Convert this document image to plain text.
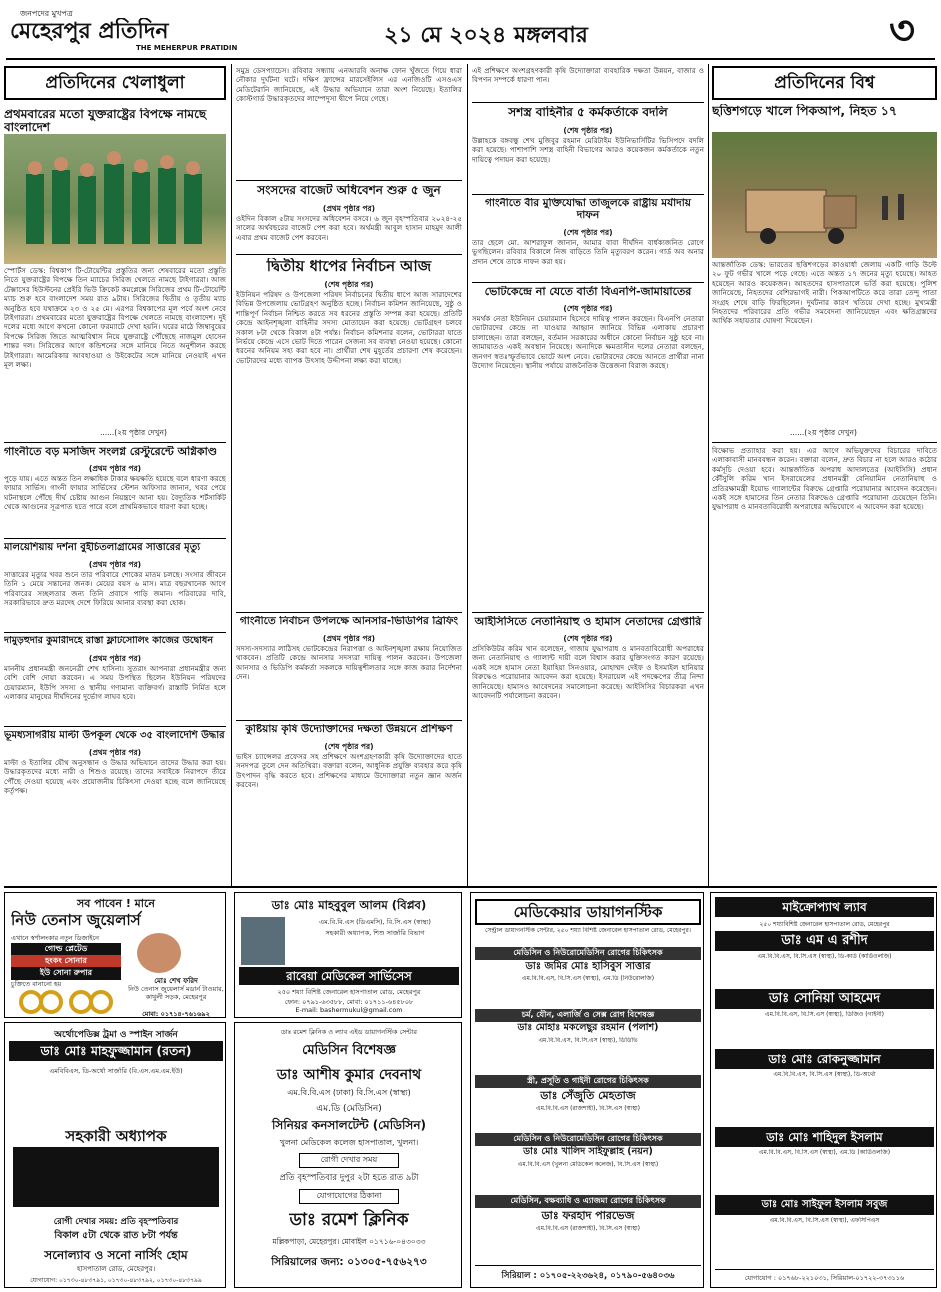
জনপদের মুখপত্র
মেহেরপুর প্রতিদিন
THE MEHERPUR PRATIDIN	২১ মে ২০২৪ মঙ্গলবার	৩
প্রতিদিনের খেলাধুলা
প্রথমবারের মতো যুক্তরাষ্ট্রের বিপক্ষে নামছে বাংলাদেশ
স্পোর্টস ডেস্ক: বিশ্বকাপ টি-টোয়েন্টির প্রস্তুতির জন্য শেষবারের মতো প্রস্তুতি নিতে যুক্তরাষ্ট্রের বিপক্ষে তিন ম্যাচের সিরিজ খেলতে নামছে টাইগাররা। আজ টেক্সাসের হিউস্টনের প্রেইরি ভিউ ক্রিকেট কমপ্লেক্সে সিরিজের প্রথম টি-টোয়েন্টি ম্যাচ শুরু হবে বাংলাদেশ সময় রাত ৯টায়। সিরিজের দ্বিতীয় ও তৃতীয় ম্যাচ অনুষ্ঠিত হবে যথাক্রমে ২৩ ও ২৫ মে। এরপর বিশ্বকাপের মূল পর্বে অংশ নেবে টাইগাররা। প্রথমবারের মতো যুক্তরাষ্ট্রের বিপক্ষে খেলতে নামছে বাংলাদেশ। দুই দলের মধ্যে আগে কখনো কোনো ফরম্যাটে দেখা হয়নি। ঘরের মাঠে জিম্বাবুয়ের বিপক্ষে সিরিজ জিতে আত্মবিশ্বাস নিয়ে যুক্তরাষ্ট্রে পৌঁছেছে নাজমুল হোসেন শান্তর দল। সিরিজের আগে কন্ডিশনের সঙ্গে মানিয়ে নিতে অনুশীলন করছে টাইগাররা। আমেরিকার আবহাওয়া ও উইকেটের সঙ্গে মানিয়ে নেওয়াই এখন মূল লক্ষ্য।
......(২য় পৃষ্ঠার দেখুন)
গাংনীতে বড় মসজিদ সংলগ্ন রেস্টুরেন্টে অগ্নিকাণ্ড
(প্রথম পৃষ্ঠার পর)
পুড়ে যায়। এতে অন্তত তিন লক্ষাধিক টাকার ক্ষয়ক্ষতি হয়েছে বলে ধারণা করছে ফায়ার সার্ভিস। গাংনী ফায়ার সার্ভিসের স্টেশন অফিসার জানান, খবর পেয়ে ঘটনাস্থলে পৌঁছে দীর্ঘ চেষ্টায় আগুন নিয়ন্ত্রণে আনা হয়। বৈদ্যুতিক শর্টসার্কিট থেকে আগুনের সূত্রপাত হতে পারে বলে প্রাথমিকভাবে ধারণা করা হচ্ছে।
মালয়েশিয়ায় দর্শনা বুইচিতলাগ্রামের সাত্তারের মৃত্যু
(প্রথম পৃষ্ঠার পর)
সাত্তারের মৃত্যুর খবর শুনে তার পরিবারে শোকের মাতম চলছে। সংসার জীবনে তিনি ১ মেয়ে সন্তানের জনক। মেয়ের বয়স ৬ মাস। মাত্র বছরখানেক আগে পরিবারের সচ্ছলতার জন্য তিনি প্রবাসে পাড়ি জমান। পরিবারের দাবি, সরকারিভাবে দ্রুত মরদেহ দেশে ফিরিয়ে আনার ব্যবস্থা করা হোক।
দামুড়হুদার কুমারীদহে রাস্তা ফ্লাটসোলিং কাজের উদ্বোধন
(প্রথম পৃষ্ঠার পর)
মাননীয় প্রধানমন্ত্রী জননেত্রী শেখ হাসিনা। সুতরাং আপনারা প্রধানমন্ত্রীর জন্য বেশি বেশি দোয়া করবেন। এ সময় উপস্থিত ছিলেন ইউনিয়ন পরিষদের চেয়ারম্যান, ইউপি সদস্য ও স্থানীয় গণ্যমান্য ব্যক্তিবর্গ। রাস্তাটি নির্মিত হলে এলাকার মানুষের দীর্ঘদিনের দুর্ভোগ লাঘব হবে।
ভূমধ্যসাগরীয় মাল্টা উপকূল থেকে ৩৫ বাংলাদেশি উদ্ধার
(প্রথম পৃষ্ঠার পর)
মাল্টা ও ইতালির যৌথ অনুসন্ধান ও উদ্ধার অভিযানে তাদের উদ্ধার করা হয়। উদ্ধারকৃতদের মধ্যে নারী ও শিশুও রয়েছে। তাদের সবাইকে নিরাপদে তীরে পৌঁছে দেওয়া হয়েছে এবং প্রয়োজনীয় চিকিৎসা দেওয়া হচ্ছে বলে জানিয়েছে কর্তৃপক্ষ।
সমুদ্র ডেসপ্যাচেস। রবিবার সন্ধ্যায় এনআরবি অনাক্ষ ফোন খুঁজতে গিয়ে ধারা নৌকার দুর্ঘটনা ঘটে। দক্ষিণ ফ্রান্সের মারসেইলিস এর এনজিওটি এসওএস মেডিটেরানি জানিয়েছে, এই উদ্ধার অভিযানে তারা অংশ নিয়েছে। ইতালির কোস্টগার্ড উদ্ধারকৃতদের লাম্পেদুসা দ্বীপে নিয়ে গেছে।
সংসদের বাজেট অধিবেশন শুরু ৫ জুন
(প্রথম পৃষ্ঠার পর)
ওইদিন বিকাল ৫টায় সংসদের অধিবেশন বসবে। ৬ জুন বৃহস্পতিবার ২০২৪-২৫ সালের অর্থবছরের বাজেট পেশ করা হবে। অর্থমন্ত্রী আবুল হাসান মাহমুদ আলী এবার প্রথম বাজেট পেশ করবেন।
দ্বিতীয় ধাপের নির্বাচন আজ
(শেষ পৃষ্ঠার পর)
ইউনিয়ন পরিষদ ও উপজেলা পরিষদ নির্বাচনের দ্বিতীয় ধাপে আজ সারাদেশের বিভিন্ন উপজেলায় ভোটগ্রহণ অনুষ্ঠিত হচ্ছে। নির্বাচন কমিশন জানিয়েছে, সুষ্ঠু ও শান্তিপূর্ণ নির্বাচন নিশ্চিত করতে সব ধরনের প্রস্তুতি সম্পন্ন করা হয়েছে। প্রতিটি কেন্দ্রে আইনশৃঙ্খলা বাহিনীর সদস্য মোতায়েন করা হয়েছে। ভোটগ্রহণ চলবে সকাল ৮টা থেকে বিকাল ৪টা পর্যন্ত। নির্বাচন কমিশনার বলেন, ভোটাররা যাতে নির্ভয়ে কেন্দ্রে এসে ভোট দিতে পারেন সেজন্য সব ব্যবস্থা নেওয়া হয়েছে। কোনো ধরনের অনিয়ম সহ্য করা হবে না। প্রার্থীরা শেষ মুহূর্তের প্রচারণা শেষ করেছেন। ভোটারদের মধ্যে ব্যাপক উৎসাহ উদ্দীপনা লক্ষ্য করা যাচ্ছে।
গাংনীতে নির্বাচন উপলক্ষে আনসার-ভিডিপির ব্রিফিং
(প্রথম পৃষ্ঠার পর)
সদস্য-সদস্যার লাঠিসহ ভোটকেন্দ্রের নিরাপত্তা ও আইনশৃঙ্খলা রক্ষায় নিয়োজিত থাকবেন। প্রতিটি কেন্দ্রে আনসার সদস্যরা দায়িত্ব পালন করবেন। উপজেলা আনসার ও ভিডিপি কর্মকর্তা সকলকে দায়িত্বশীলতার সঙ্গে কাজ করার নির্দেশনা দেন।
কুষ্টিয়ায় কৃষি উদ্যোক্তাদের দক্ষতা উন্নয়নে প্রশিক্ষণ
(শেষ পৃষ্ঠার পর)
ভাইস চ্যান্সেলর প্রফেসর সহ প্রশিক্ষণে অংশগ্রহণকারী কৃষি উদ্যোক্তাদের হাতে সনদপত্র তুলে দেন অতিথিরা। বক্তারা বলেন, আধুনিক প্রযুক্তি ব্যবহার করে কৃষি উৎপাদন বৃদ্ধি করতে হবে। প্রশিক্ষণের মাধ্যমে উদ্যোক্তারা নতুন জ্ঞান অর্জন করবেন।
এই প্রশিক্ষণে অংশগ্রহণকারী কৃষি উদ্যোক্তারা ব্যবহারিক দক্ষতা উন্নয়ন, বাজার ও বিপণন সম্পর্কে ধারণা পান।
সশস্ত্র বাহিনীর ৫ কর্মকর্তাকে বদলি
(শেষ পৃষ্ঠার পর)
উল্লাহকে বঙ্গবন্ধু শেখ মুজিবুর রহমান মেরিটাইম ইউনিভার্সিটির ভিসিপদে বদলি করা হয়েছে। পাশাপাশি সশস্ত্র বাহিনী বিভাগের আরও কয়েকজন কর্মকর্তাকে নতুন দায়িত্বে পদায়ন করা হয়েছে।
গাংনীতে বীর মুক্তিযোদ্ধা তাজুলকে রাষ্ট্রীয় মর্যাদায় দাফন
(শেষ পৃষ্ঠার পর)
তার ছেলে মো. আশরাফুল জানান, আমার বাবা দীর্ঘদিন বার্ধক্যজনিত রোগে ভুগছিলেন। রবিবার বিকালে নিজ বাড়িতে তিনি মৃত্যুবরণ করেন। গার্ড অব অনার প্রদান শেষে তাকে দাফন করা হয়।
ভোটকেন্দ্রে না যেতে বার্তা বিএনপি-জামায়াতের
(শেষ পৃষ্ঠার পর)
সমর্থক নেতা ইউনিয়ন চেয়ারম্যান হিসেবে দায়িত্ব পালন করছেন। বিএনপি নেতারা ভোটারদের কেন্দ্রে না যাওয়ার আহ্বান জানিয়ে বিভিন্ন এলাকায় প্রচারণা চালাচ্ছেন। তারা বলছেন, বর্তমান সরকারের অধীনে কোনো নির্বাচন সুষ্ঠু হবে না। জামায়াতও একই অবস্থান নিয়েছে। অন্যদিকে ক্ষমতাসীন দলের নেতারা বলছেন, জনগণ স্বতঃস্ফূর্তভাবে ভোটে অংশ নেবে। ভোটারদের কেন্দ্রে আনতে প্রার্থীরা নানা উদ্যোগ নিয়েছেন। স্থানীয় পর্যায়ে রাজনৈতিক উত্তেজনা বিরাজ করছে।
আইসিসিতে নেতানিয়াহু ও হামাস নেতাদের গ্রেপ্তারি
(শেষ পৃষ্ঠার পর)
প্রসিকিউটর করিম খান বলেছেন, গাজায় যুদ্ধাপরাধ ও মানবতাবিরোধী অপরাধের জন্য নেতানিয়াহু ও গ্যালান্ট দায়ী বলে বিশ্বাস করার যুক্তিসংগত কারণ রয়েছে। একই সঙ্গে হামাস নেতা ইয়াহিয়া সিনওয়ার, মোহাম্মদ দেইফ ও ইসমাইল হানিয়ার বিরুদ্ধেও পরোয়ানার আবেদন করা হয়েছে। ইসরায়েল এই পদক্ষেপের তীব্র নিন্দা জানিয়েছে। হামাসও আবেদনের সমালোচনা করেছে। আইসিসির বিচারকরা এখন আবেদনটি পর্যালোচনা করবেন।
প্রতিদিনের বিশ্ব
ছত্তিশগড়ে খালে পিকআপ, নিহত ১৭
আন্তর্জাতিক ডেস্ক: ভারতের ছত্তিশগড়ের কাওয়ার্ধা জেলায় একটি গাড়ি উল্টে ২০ ফুট গভীর খালে পড়ে গেছে। এতে অন্তত ১৭ জনের মৃত্যু হয়েছে। আহত হয়েছেন আরও কয়েকজন। আহতদের হাসপাতালে ভর্তি করা হয়েছে। পুলিশ জানিয়েছে, নিহতদের বেশিরভাগই নারী। পিকআপটিতে করে তারা তেন্দু পাতা সংগ্রহ শেষে বাড়ি ফিরছিলেন। দুর্ঘটনার কারণ খতিয়ে দেখা হচ্ছে। মুখ্যমন্ত্রী নিহতদের পরিবারের প্রতি গভীর সমবেদনা জানিয়েছেন এবং ক্ষতিগ্রস্তদের আর্থিক সহায়তার ঘোষণা দিয়েছেন।
......(২য় পৃষ্ঠার দেখুন)
বিক্ষোভ প্রত্যাহার করা হয়। এর আগে অভিযুক্তদের বিচারের দাবিতে এলাকাবাসী মানববন্ধন করেন। বক্তারা বলেন, দ্রুত বিচার না হলে আরও কঠোর কর্মসূচি দেওয়া হবে। আন্তর্জাতিক অপরাধ আদালতের (আইসিসি) প্রধান কৌঁসুলি করিম খান ইসরায়েলের প্রধানমন্ত্রী বেনিয়ামিন নেতানিয়াহু ও প্রতিরক্ষামন্ত্রী ইয়োভ গ্যালান্টের বিরুদ্ধে গ্রেপ্তারি পরোয়ানার আবেদন করেছেন। একই সঙ্গে হামাসের তিন নেতার বিরুদ্ধেও গ্রেপ্তারি পরোয়ানা চেয়েছেন তিনি। যুদ্ধাপরাধ ও মানবতাবিরোধী অপরাধের অভিযোগে এ আবেদন করা হয়েছে।
সব পাবেন ! মানে
নিউ তেনাস জুয়েলার্স
এখানে স্বর্ণালংকার নতুন ডিজাইনে
গোল্ড প্লেটেড
হংকং সোনার
ইউ সোনা রুপার
চুক্তিতে বানানো হয়	মোঃ শেখ ফরিদ
নিউ তেনাস জুয়েলার্স মডার্ন টাওয়ার, কাথুলী সড়ক, মেহেরপুর
মোবা: ০১৭১৪-৭৬১৬৯২
অর্থোপেডিক্স ট্রমা ও স্পাইন সার্জন
ডাঃ মোঃ মাহফুজ্জামান (রতন)
এমবিবিএস, ডি-অর্থো সার্জারি (বি.এস.এম.এম.ইউ)
সহকারী অধ্যাপক
রোগী দেখার সময়: প্রতি বৃহস্পতিবার
বিকাল ৫টা থেকে রাত ৮টা পর্যন্ত
সনোল্যাব ও সনো নার্সিং হোম
হাসপাতাল রোড, মেহেরপুর।
যোগাযোগ: ০১৭৩০-৪৮৩৭৯১, ০১৭৩০-৪৮৩৭৯২, ০১৭৩০-৪৮৩৭৯৯
ডাঃ মোঃ মাহবুবুল আলম (বিপ্লব)
এম.বি.বি.এস (ডিএমসি), বি.সি.এস (স্বাস্থ্য)
সহকারী অধ্যাপক, শিশু সার্জারি বিভাগ
রাবেয়া মেডিকেল সার্ভিসেস
২৫০ শয্যা বিশিষ্ট জেনারেল হাসপাতাল রোড, মেহেরপুর
ফোন: ০৭৯১-৬৩৫৮৮, মোবা: ০১৭১১-৬৪৫৮০৮
E-mail: bashermukul@gmail.com
ডাঃ রমেশ ক্লিনিক ও ল্যাব এইড ডায়াগনস্টিক সেন্টার
মেডিসিন বিশেষজ্ঞ
ডাঃ আশীষ কুমার দেবনাথ
এম.বি.বি.এস (ঢাকা) বি.সি.এস (স্বাস্থ্য)
এম.ডি (মেডিসিন)
সিনিয়র কনসালটেন্ট (মেডিসিন)
খুলনা মেডিকেল কলেজ হাসপাতাল, খুলনা।
রোগী দেখার সময়
প্রতি বৃহস্পতিবার দুপুর ২টা হতে রাত ৯টা
যোগাযোগের ঠিকানা
ডাঃ রমেশ ক্লিনিক
মল্লিকপাড়া, মেহেরপুর। মোবাইল ০১৭১৬-০৪৩০৩৩
সিরিয়ালের জন্য: ০১৩০৫-৭৫৬২৭৩
মেডিকেয়ার ডায়াগনস্টিক
সেন্ট্রাল ডায়াগনস্টিক সেন্টার, ২৫০ শয্যা বিশিষ্ট জেনারেল হাসপাতাল রোড, মেহেরপুর।
মেডিসিন ও নিউরোমেডিসিন রোগের চিকিৎসক
ডাঃ জমির মোঃ হাসিবুস সাত্তার
এম.বি.বি.এস, বি.সি.এস (স্বাস্থ্য), এম.ডি (নিউরোলজি)
চর্ম, যৌন, এলার্জি ও সেক্স রোগ বিশেষজ্ঞ
ডাঃ মোহাঃ মকলেছুর রহমান (পলাশ)
এম.বি.বি.এস, বি.সি.এস (স্বাস্থ্য), ডিডিভি
স্ত্রী, প্রসূতি ও গাইনী রোগের চিকিৎসক
ডাঃ সেঁজুতি মেহতাজ
এম.বি.বি.এস (রাজশাহী), বি.সি.এস (স্বাস্থ্য)
মেডিসিন ও নিউরোমেডিসিন রোগের চিকিৎসক
ডাঃ মোঃ খালিদ সাইফুল্লাহ (নয়ন)
এম.বি.বি.এস (খুলনা মেডিকেল কলেজ), বি.সি.এস (স্বাস্থ্য)
মেডিসিন, বক্ষব্যাধি ও এ্যাজমা রোগের চিকিৎসক
ডাঃ ফরহাদ পারভেজ
এম.বি.বি.এস (রাজশাহী), বি.সি.এস (স্বাস্থ্য)
সিরিয়াল : ০১৭০৫-২২৩৬২৪, ০১৭৯০-৫৬৪০৩৬
মাইক্রোপ্যাথ ল্যাব
২৫০ শয্যাবিশিষ্ট জেনারেল হাসপাতাল রোড, মেহেরপুর
ডাঃ এম এ রশীদ
এম.বি.বি.এস, বি.সি.এস (স্বাস্থ্য), ডি-কার্ড (কার্ডিওলজি)
ডাঃ সোনিয়া আহমেদ
এম.বি.বি.এস, বি.সি.এস (স্বাস্থ্য), ডিজিও (গাইনী)
ডাঃ মোঃ রোকনুজ্জামান
এম.বি.বি.এস, বি.সি.এস (স্বাস্থ্য), ডি-অর্থো
ডাঃ মোঃ শাহিদুল ইসলাম
এম.বি.বি.এস, বি.সি.এস (স্বাস্থ্য), এম.ডি (কার্ডিওলজি)
ডাঃ মোঃ সাইফুল ইসলাম সবুজ
এম.বি.বি.এস, বি.সি.এস (স্বাস্থ্য), এফসিপিএস
যোগাযোগ : ০১৭৬৮-২২১০৩১, সিরিয়াল-০১৭২২-৩৭৩১১৬
